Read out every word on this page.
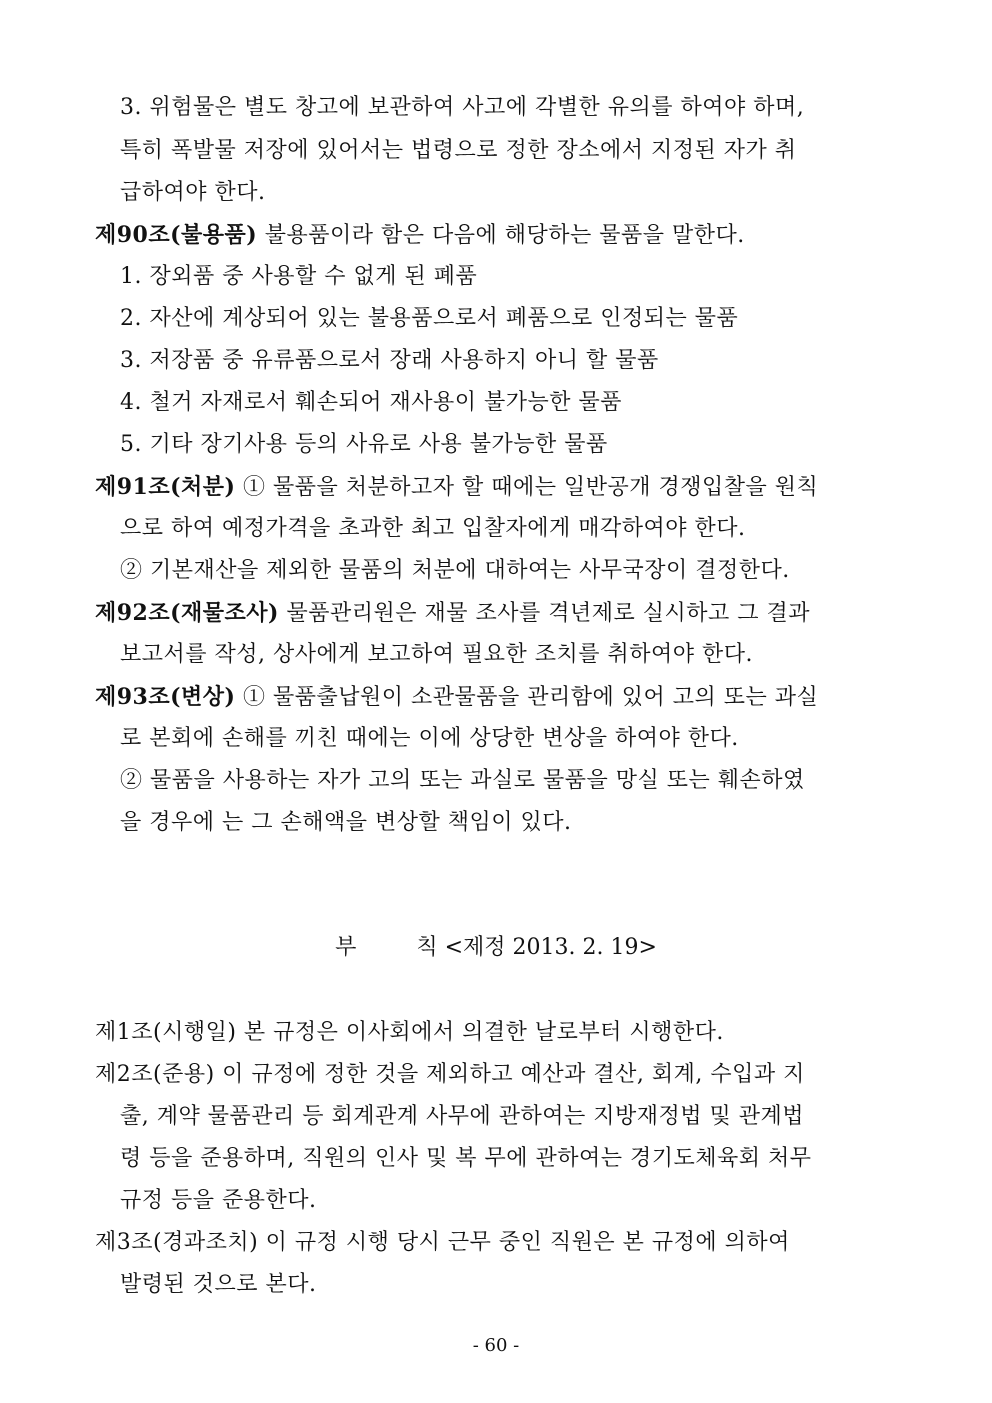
3. 위험물은 별도 창고에 보관하여 사고에 각별한 유의를 하여야 하며,
특히 폭발물 저장에 있어서는 법령으로 정한 장소에서 지정된 자가 취
급하여야 한다.
제90조(불용품) 불용품이라 함은 다음에 해당하는 물품을 말한다.
1. 장외품 중 사용할 수 없게 된 폐품
2. 자산에 계상되어 있는 불용품으로서 폐품으로 인정되는 물품
3. 저장품 중 유류품으로서 장래 사용하지 아니 할 물품
4. 철거 자재로서 훼손되어 재사용이 불가능한 물품
5. 기타 장기사용 등의 사유로 사용 불가능한 물품
제91조(처분) ① 물품을 처분하고자 할 때에는 일반공개 경쟁입찰을 원칙
으로 하여 예정가격을 초과한 최고 입찰자에게 매각하여야 한다.
② 기본재산을 제외한 물품의 처분에 대하여는 사무국장이 결정한다.
제92조(재물조사) 물품관리원은 재물 조사를 격년제로 실시하고 그 결과
보고서를 작성, 상사에게 보고하여 필요한 조치를 취하여야 한다.
제93조(변상) ① 물품출납원이 소관물품을 관리함에 있어 고의 또는 과실
로 본회에 손해를 끼친 때에는 이에 상당한 변상을 하여야 한다.
② 물품을 사용하는 자가 고의 또는 과실로 물품을 망실 또는 훼손하였
을 경우에 는 그 손해액을 변상할 책임이 있다.
부	칙 <제정 2013. 2. 19>
제1조(시행일) 본 규정은 이사회에서 의결한 날로부터 시행한다.
제2조(준용) 이 규정에 정한 것을 제외하고 예산과 결산, 회계, 수입과 지
출, 계약 물품관리 등 회계관계 사무에 관하여는 지방재정법 및 관계법
령 등을 준용하며, 직원의 인사 및 복 무에 관하여는 경기도체육회 처무
규정 등을 준용한다.
제3조(경과조치) 이 규정 시행 당시 근무 중인 직원은 본 규정에 의하여
발령된 것으로 본다.
- 60 -
